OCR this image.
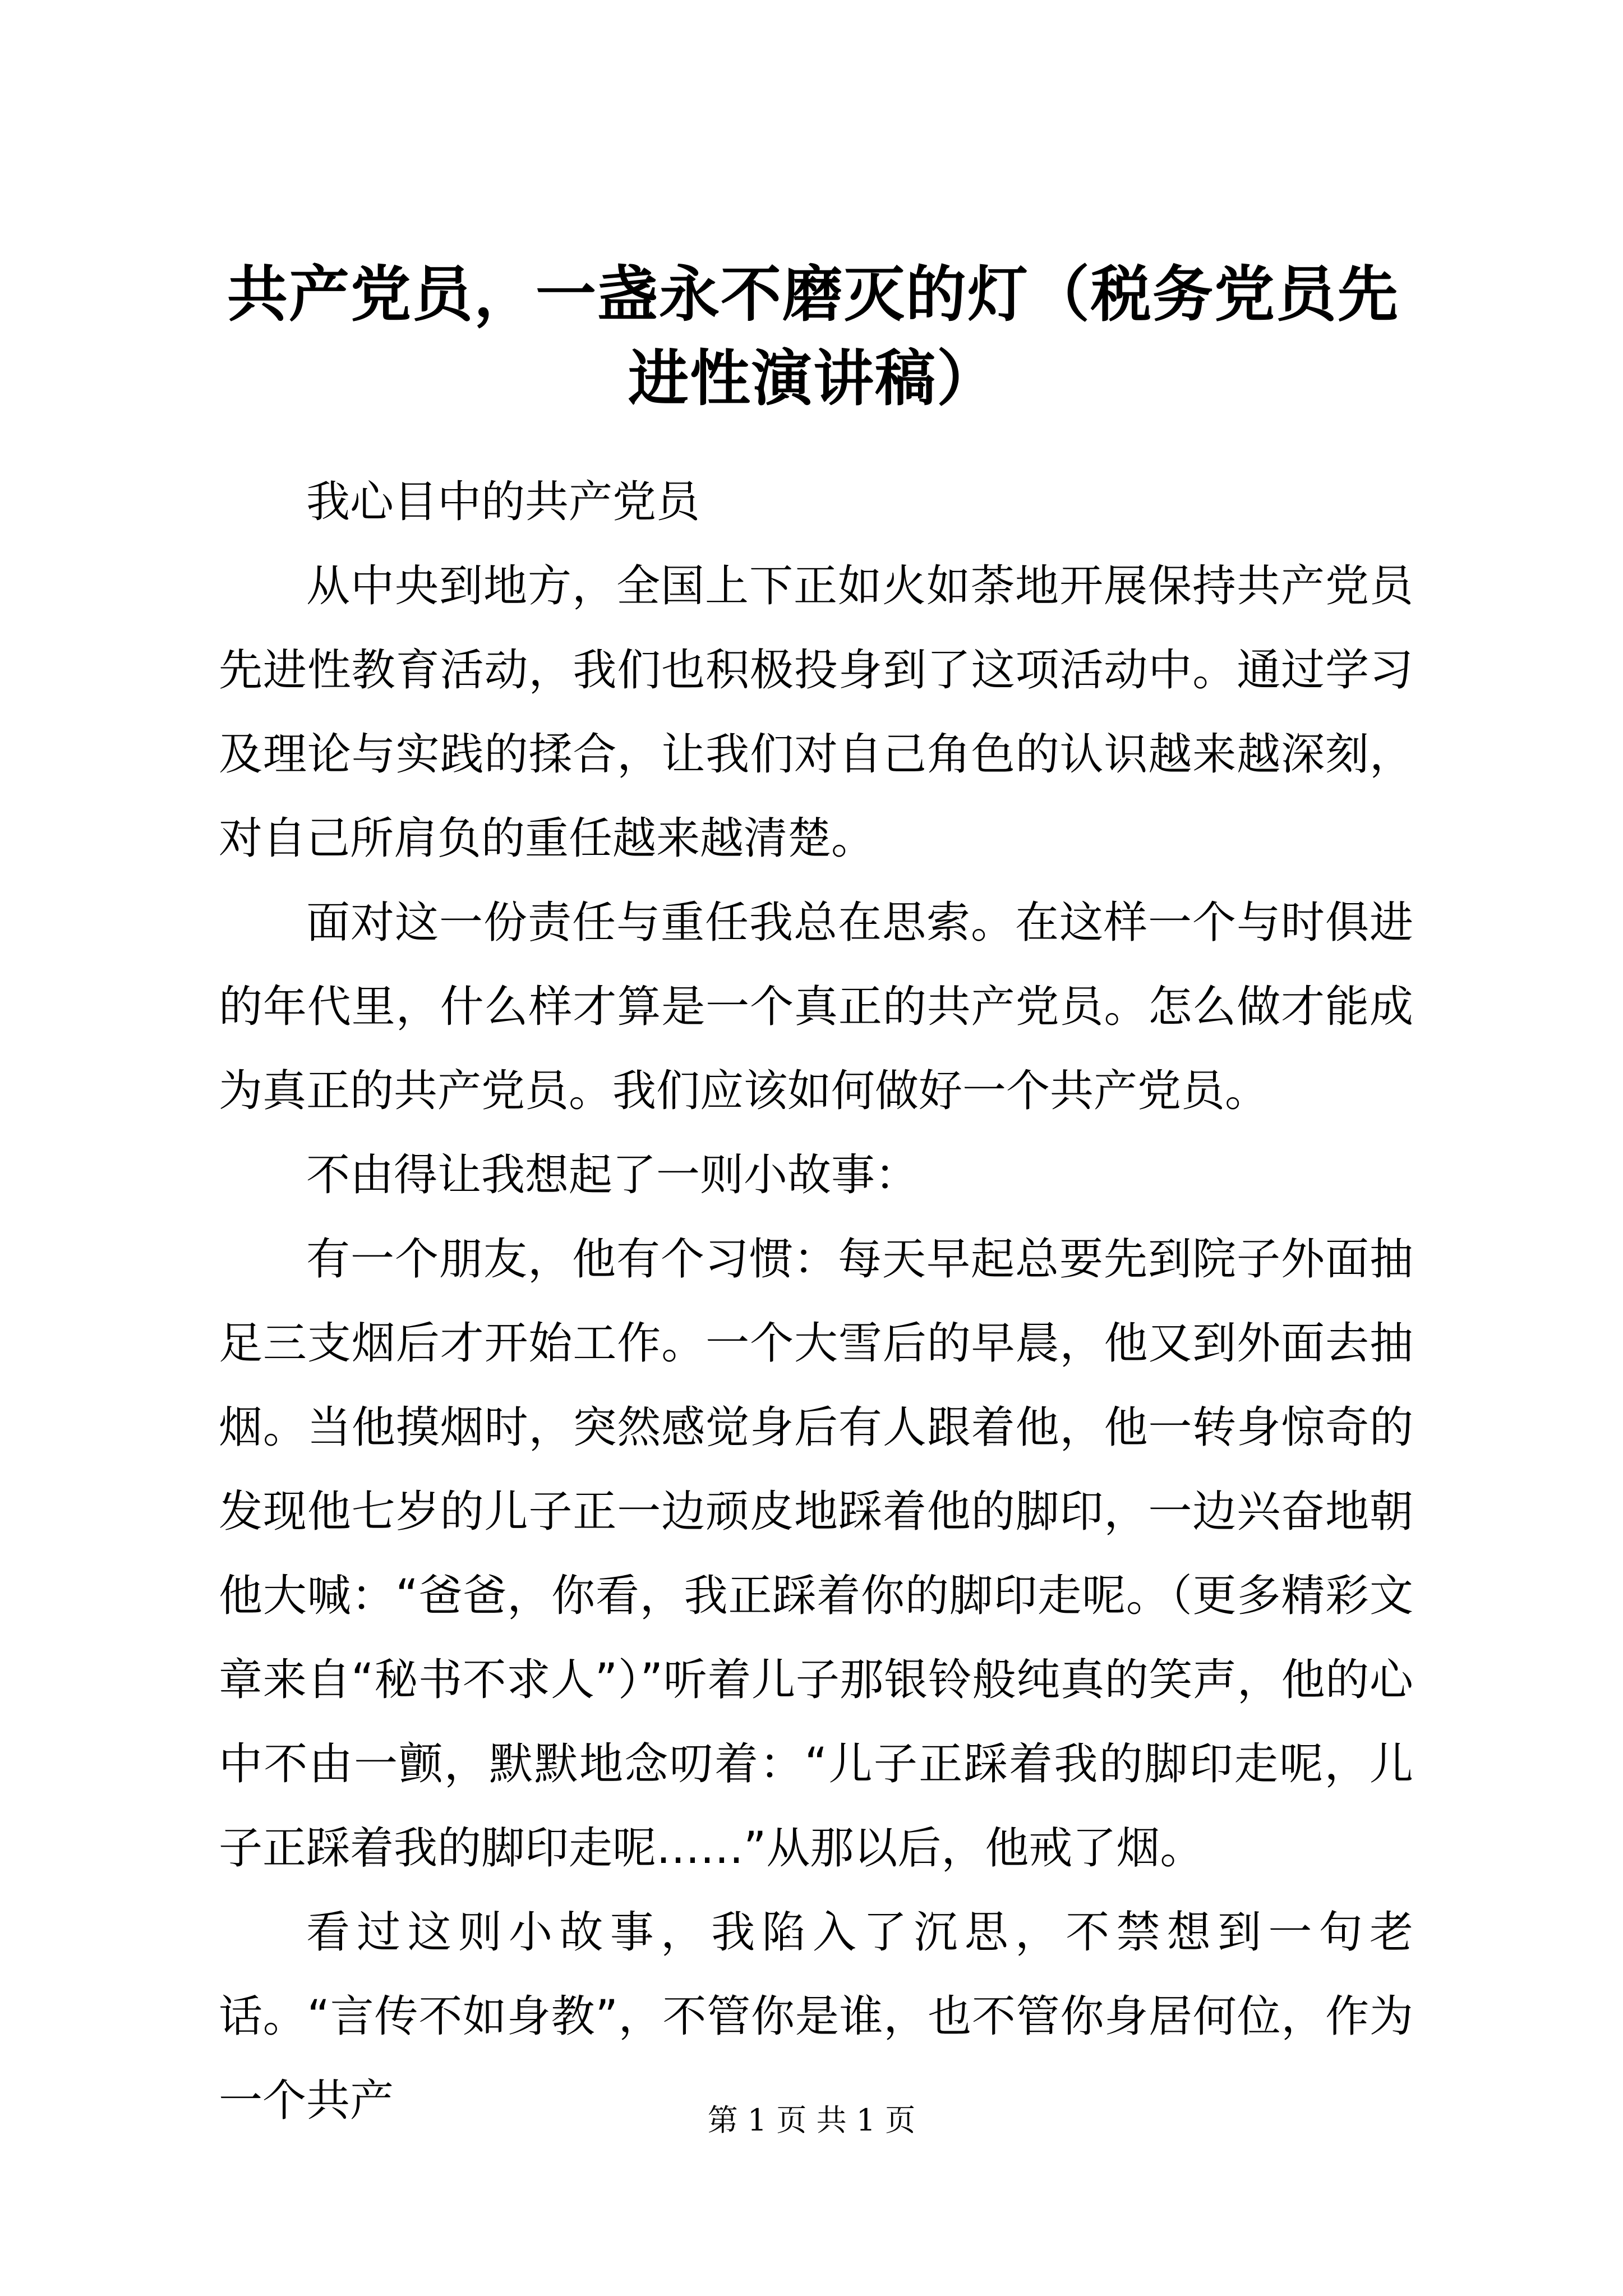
共产党员，一盏永不磨灭的灯（税务党员先进性演讲稿）

我心目中的共产党员

从中央到地方，全国上下正如火如荼地开展保持共产党员先进性教育活动，我们也积极投身到了这项活动中。通过学习及理论与实践的揉合，让我们对自己角色的认识越来越深刻，对自己所肩负的重任越来越清楚。

面对这一份责任与重任我总在思索。在这样一个与时俱进的年代里，什么样才算是一个真正的共产党员。怎么做才能成为真正的共产党员。我们应该如何做好一个共产党员。

不由得让我想起了一则小故事：

有一个朋友，他有个习惯：每天早起总要先到院子外面抽足三支烟后才开始工作。一个大雪后的早晨，他又到外面去抽烟。当他摸烟时，突然感觉身后有人跟着他，他一转身惊奇的发现他七岁的儿子正一边顽皮地踩着他的脚印，一边兴奋地朝他大喊：“爸爸，你看，我正踩着你的脚印走呢。（更多精彩文章来自“秘书不求人”）”听着儿子那银铃般纯真的笑声，他的心中不由一颤，默默地念叨着：“儿子正踩着我的脚印走呢，儿子正踩着我的脚印走呢……”从那以后，他戒了烟。

看过这则小故事，我陷入了沉思，不禁想到一句老话。“言传不如身教”，不管你是谁，也不管你身居何位，作为一个共产	第 1 页 共 1 页
